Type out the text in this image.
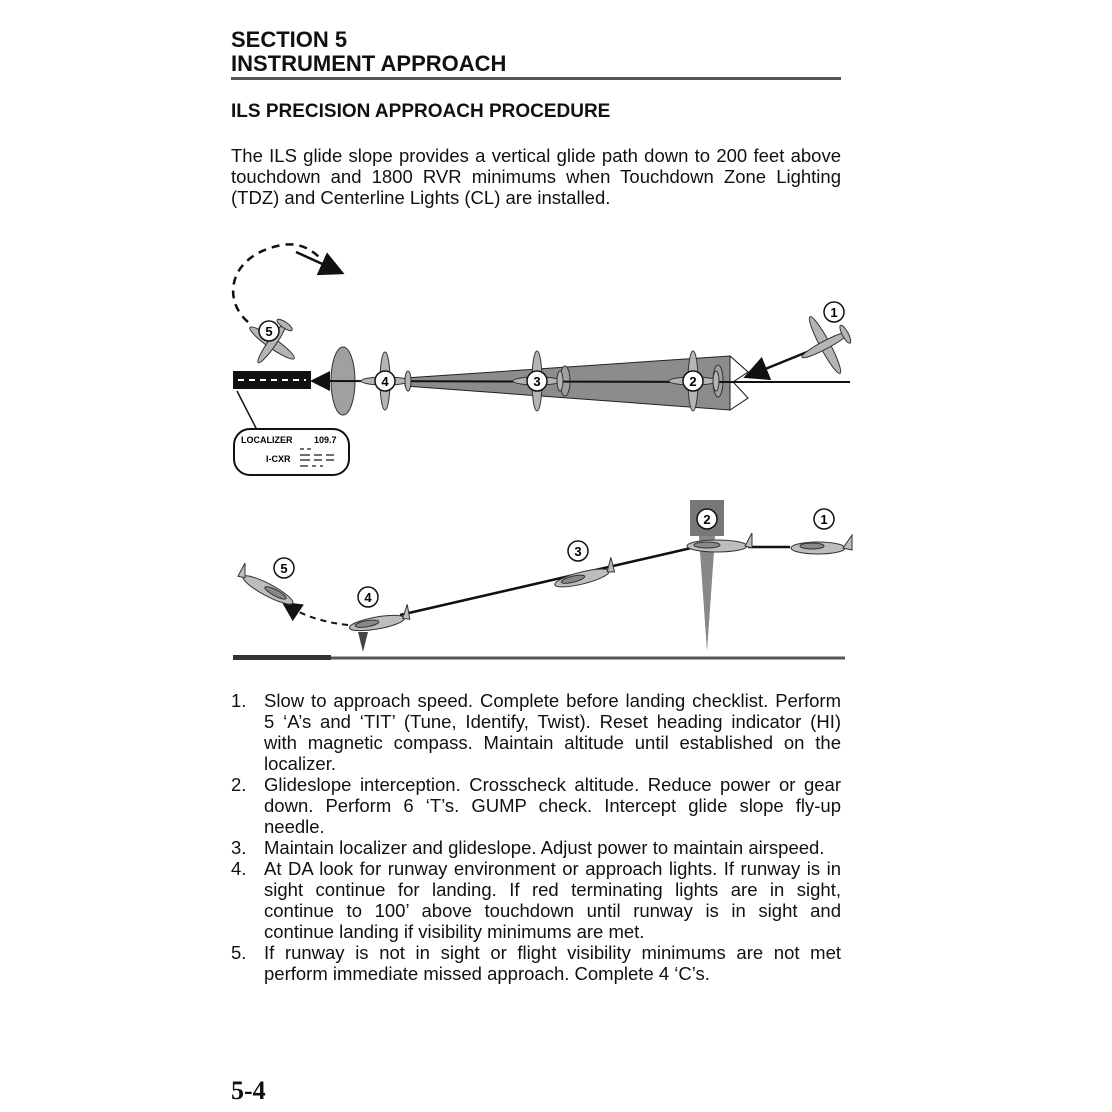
SECTION 5
INSTRUMENT APPROACH
ILS PRECISION APPROACH PROCEDURE
The ILS glide slope provides a vertical glide path down to 200 feet above touchdown and 1800 RVR minimums when Touchdown Zone Lighting (TDZ) and Centerline Lights (CL) are installed.
1
2
3
4
5
LOCALIZER 109.7
I-CXR
1
2
3
4
5
1. Slow to approach speed. Complete before landing checklist. Perform 5 ‘A’s and ‘TIT’ (Tune, Identify, Twist). Reset heading indicator (HI) with magnetic compass. Maintain altitude until established on the localizer.
2. Glideslope interception. Crosscheck altitude. Reduce power or gear down. Perform 6 ‘T’s. GUMP check. Intercept glide slope fly-up needle.
3. Maintain localizer and glideslope. Adjust power to maintain airspeed.
4. At DA look for runway environment or approach lights. If runway is in sight continue for landing. If red terminating lights are in sight, continue to 100’ above touchdown until runway is in sight and continue landing if visibility minimums are met.
5. If runway is not in sight or flight visibility minimums are not met perform immediate missed approach. Complete 4 ‘C’s.
5-4
